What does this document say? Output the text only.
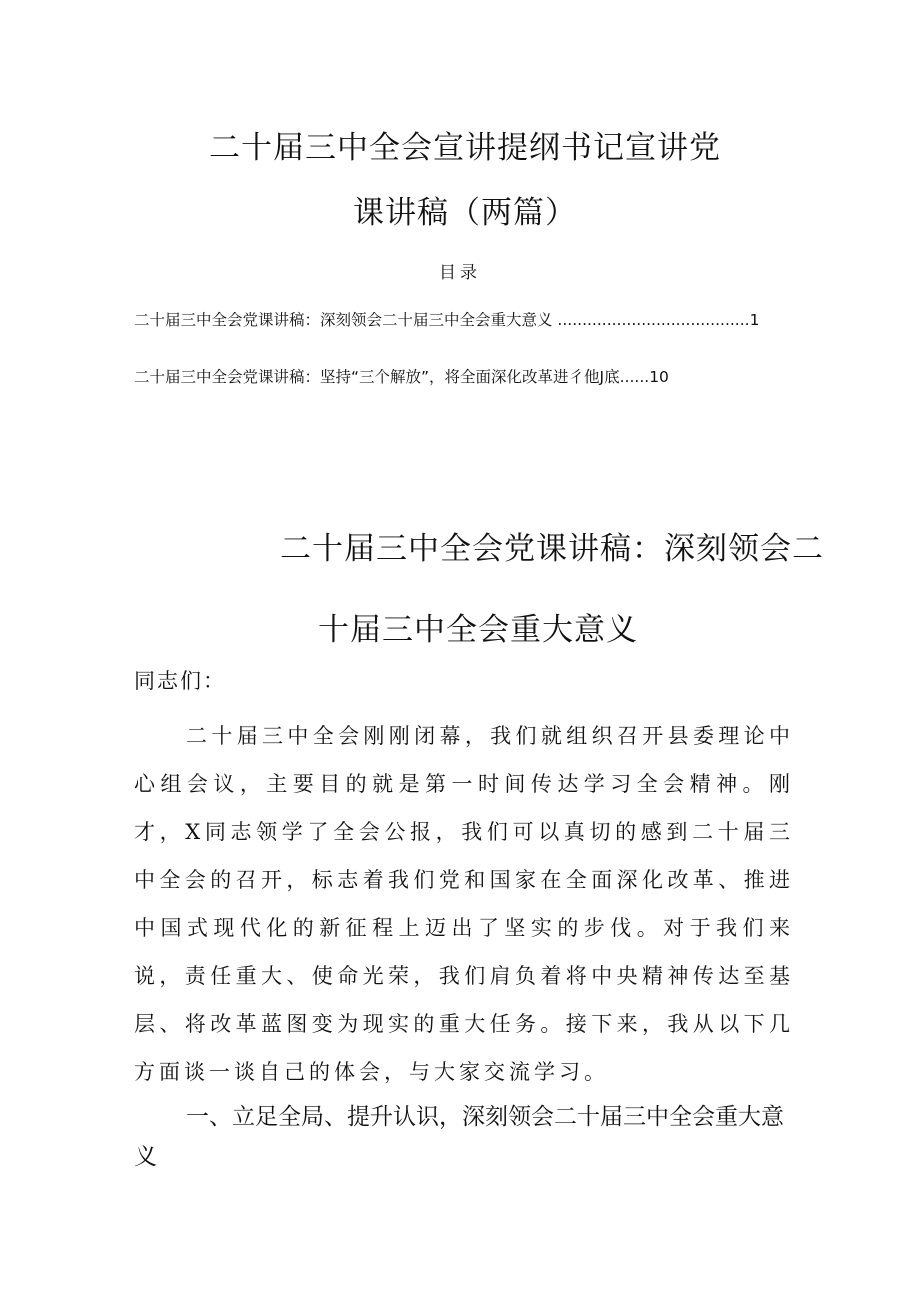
二十届三中全会宣讲提纲书记宣讲党
课讲稿（两篇）
目录
二十届三中全会党课讲稿：深刻领会二十届三中全会重大意义 .......................................1
二十届三中全会党课讲稿：坚持“三个解放”，将全面深化改革进彳他J底......10
二十届三中全会党课讲稿：深刻领会二
十届三中全会重大意义
同志们：

二十届三中全会刚刚闭幕，我们就组织召开县委理论中心组会议，主要目的就是第一时间传达学习全会精神。刚才，X同志领学了全会公报，我们可以真切的感到二十届三中全会的召开，标志着我们党和国家在全面深化改革、推进中国式现代化的新征程上迈出了坚实的步伐。对于我们来说，责任重大、使命光荣，我们肩负着将中央精神传达至基层、将改革蓝图变为现实的重大任务。接下来，我从以下几方面谈一谈自己的体会，与大家交流学习。

一、立足全局、提升认识，深刻领会二十届三中全会重大意义
